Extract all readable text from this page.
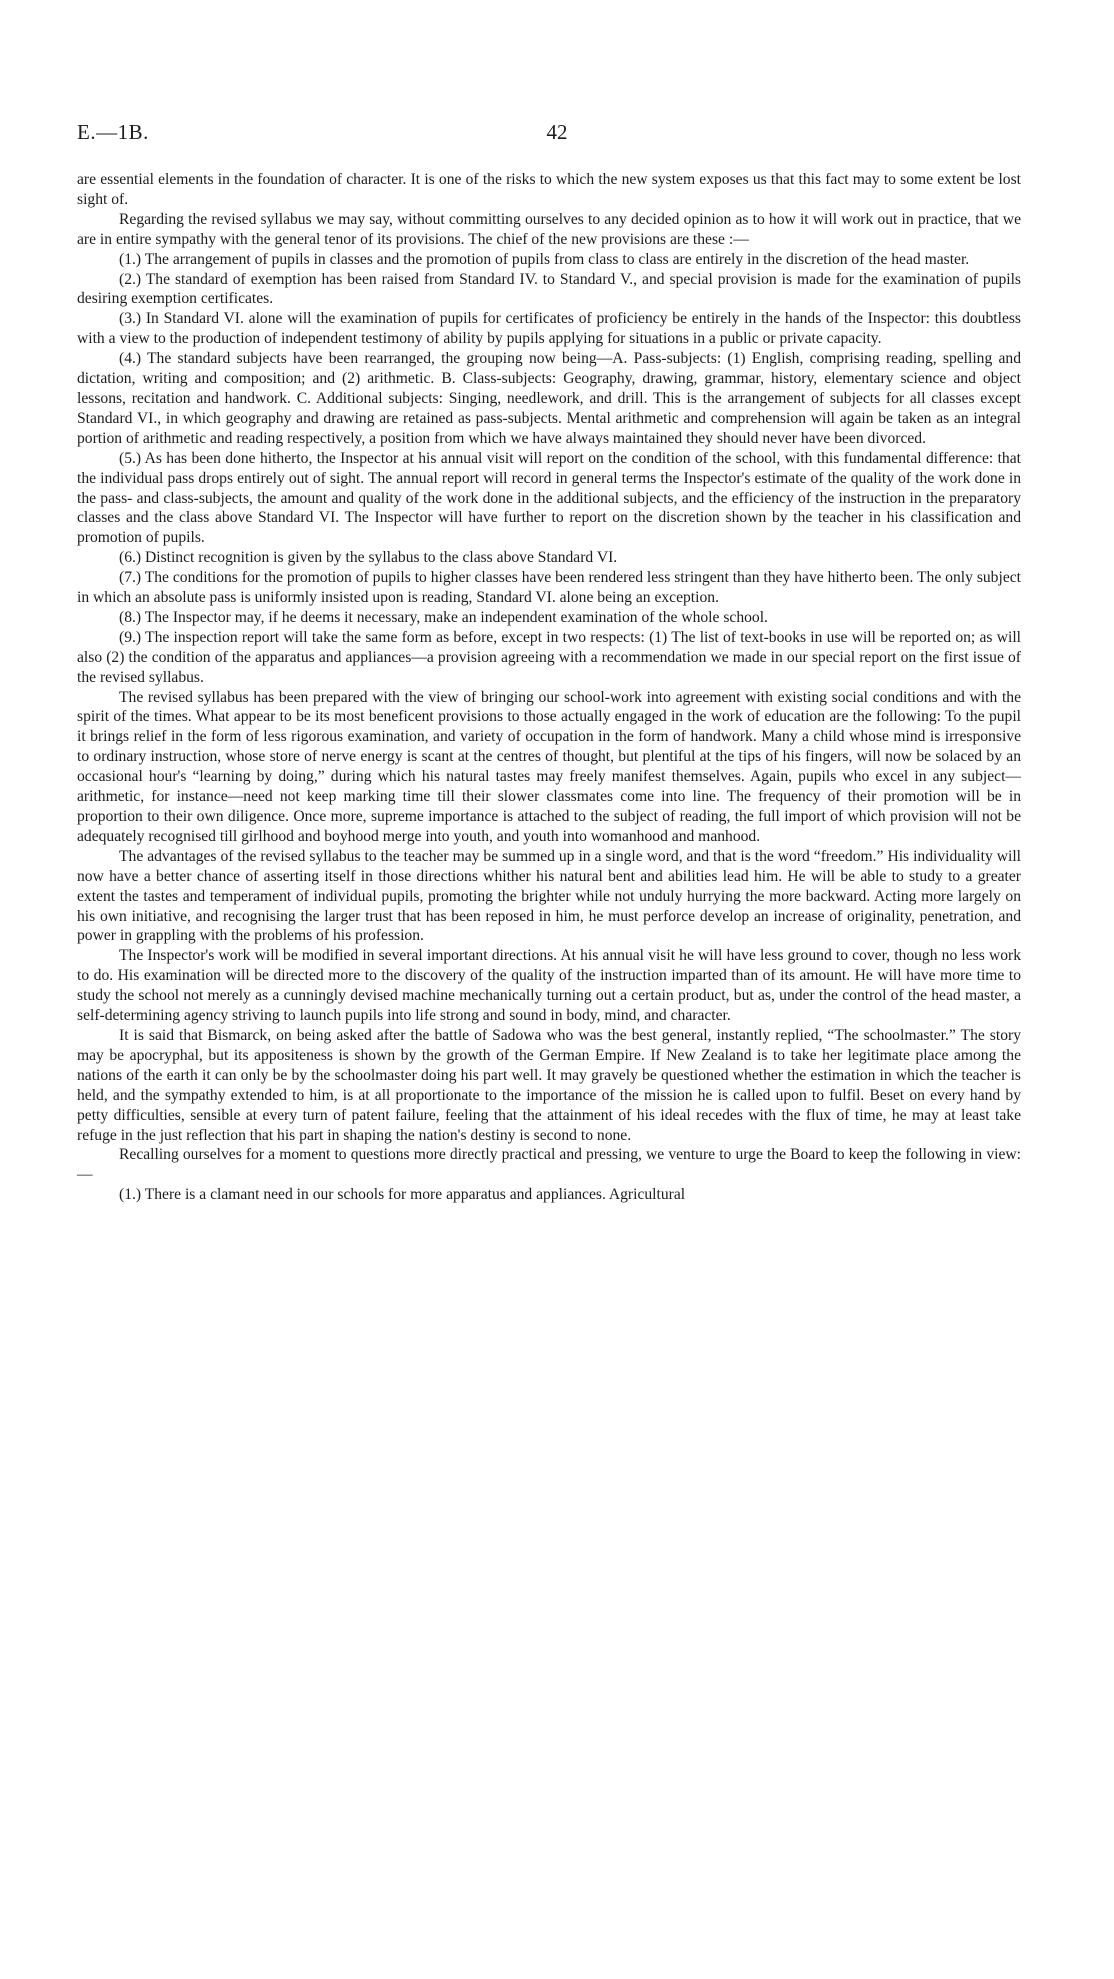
E.—1B.	42

are essential elements in the foundation of character. It is one of the risks to which the new system exposes us that this fact may to some extent be lost sight of.

Regarding the revised syllabus we may say, without committing ourselves to any decided opinion as to how it will work out in practice, that we are in entire sympathy with the general tenor of its provisions. The chief of the new provisions are these :—

(1.) The arrangement of pupils in classes and the promotion of pupils from class to class are entirely in the discretion of the head master.

(2.) The standard of exemption has been raised from Standard IV. to Standard V., and special provision is made for the examination of pupils desiring exemption certificates.

(3.) In Standard VI. alone will the examination of pupils for certificates of proficiency be entirely in the hands of the Inspector: this doubtless with a view to the production of independent testimony of ability by pupils applying for situations in a public or private capacity.

(4.) The standard subjects have been rearranged, the grouping now being—A. Pass-subjects: (1) English, comprising reading, spelling and dictation, writing and composition; and (2) arithmetic. B. Class-subjects: Geography, drawing, grammar, history, elementary science and object lessons, recitation and handwork. C. Additional subjects: Singing, needlework, and drill. This is the arrangement of subjects for all classes except Standard VI., in which geography and drawing are retained as pass-subjects. Mental arithmetic and comprehension will again be taken as an integral portion of arithmetic and reading respectively, a position from which we have always maintained they should never have been divorced.

(5.) As has been done hitherto, the Inspector at his annual visit will report on the condition of the school, with this fundamental difference: that the individual pass drops entirely out of sight. The annual report will record in general terms the Inspector's estimate of the quality of the work done in the pass- and class-subjects, the amount and quality of the work done in the additional subjects, and the efficiency of the instruction in the preparatory classes and the class above Standard VI. The Inspector will have further to report on the discretion shown by the teacher in his classification and promotion of pupils.

(6.) Distinct recognition is given by the syllabus to the class above Standard VI.

(7.) The conditions for the promotion of pupils to higher classes have been rendered less stringent than they have hitherto been. The only subject in which an absolute pass is uniformly insisted upon is reading, Standard VI. alone being an exception.

(8.) The Inspector may, if he deems it necessary, make an independent examination of the whole school.

(9.) The inspection report will take the same form as before, except in two respects: (1) The list of text-books in use will be reported on; as will also (2) the condition of the apparatus and appliances—a provision agreeing with a recommendation we made in our special report on the first issue of the revised syllabus.

The revised syllabus has been prepared with the view of bringing our school-work into agreement with existing social conditions and with the spirit of the times. What appear to be its most beneficent provisions to those actually engaged in the work of education are the following: To the pupil it brings relief in the form of less rigorous examination, and variety of occupation in the form of handwork. Many a child whose mind is irresponsive to ordinary instruction, whose store of nerve energy is scant at the centres of thought, but plentiful at the tips of his fingers, will now be solaced by an occasional hour's “learning by doing,” during which his natural tastes may freely manifest themselves. Again, pupils who excel in any subject—arithmetic, for instance—need not keep marking time till their slower classmates come into line. The frequency of their promotion will be in proportion to their own diligence. Once more, supreme importance is attached to the subject of reading, the full import of which provision will not be adequately recognised till girlhood and boyhood merge into youth, and youth into womanhood and manhood.

The advantages of the revised syllabus to the teacher may be summed up in a single word, and that is the word “freedom.” His individuality will now have a better chance of asserting itself in those directions whither his natural bent and abilities lead him. He will be able to study to a greater extent the tastes and temperament of individual pupils, promoting the brighter while not unduly hurrying the more backward. Acting more largely on his own initiative, and recognising the larger trust that has been reposed in him, he must perforce develop an increase of originality, penetration, and power in grappling with the problems of his profession.

The Inspector's work will be modified in several important directions. At his annual visit he will have less ground to cover, though no less work to do. His examination will be directed more to the discovery of the quality of the instruction imparted than of its amount. He will have more time to study the school not merely as a cunningly devised machine mechanically turning out a certain product, but as, under the control of the head master, a self-determining agency striving to launch pupils into life strong and sound in body, mind, and character.

It is said that Bismarck, on being asked after the battle of Sadowa who was the best general, instantly replied, “The schoolmaster.” The story may be apocryphal, but its appositeness is shown by the growth of the German Empire. If New Zealand is to take her legitimate place among the nations of the earth it can only be by the schoolmaster doing his part well. It may gravely be questioned whether the estimation in which the teacher is held, and the sympathy extended to him, is at all proportionate to the importance of the mission he is called upon to fulfil. Beset on every hand by petty difficulties, sensible at every turn of patent failure, feeling that the attainment of his ideal recedes with the flux of time, he may at least take refuge in the just reflection that his part in shaping the nation's destiny is second to none.

Recalling ourselves for a moment to questions more directly practical and pressing, we venture to urge the Board to keep the following in view:—

(1.) There is a clamant need in our schools for more apparatus and appliances. Agricultural
